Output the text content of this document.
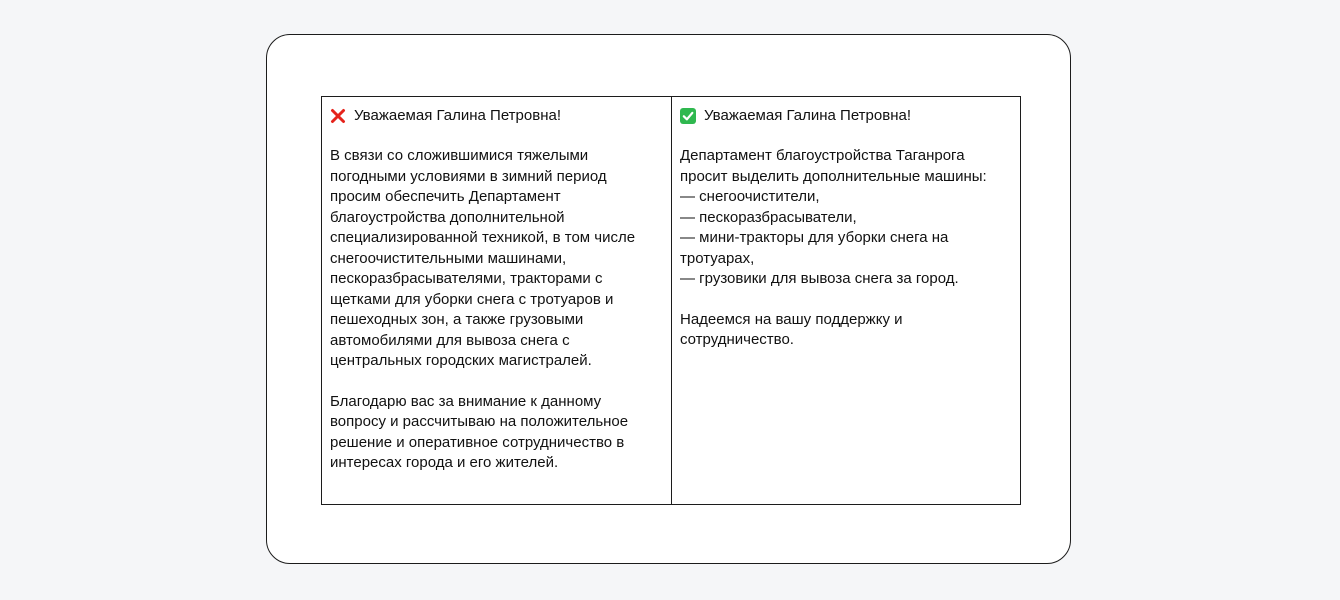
Уважаемая Галина Петровна!

В связи со сложившимися тяжелыми
погодными условиями в зимний период
просим обеспечить Департамент
благоустройства дополнительной
специализированной техникой, в том числе
снегоочистительными машинами,
пескоразбрасывателями, тракторами с
щетками для уборки снега с тротуаров и
пешеходных зон, а также грузовыми
автомобилями для вывоза снега с
центральных городских магистралей.

Благодарю вас за внимание к данному
вопросу и рассчитываю на положительное
решение и оперативное сотрудничество в
интересах города и его жителей.

Уважаемая Галина Петровна!

Департамент благоустройства Таганрога
просит выделить дополнительные машины:
— снегоочистители,
— пескоразбрасыватели,
— мини-тракторы для уборки снега на
тротуарах,
— грузовики для вывоза снега за город.

Надеемся на вашу поддержку и
сотрудничество.
